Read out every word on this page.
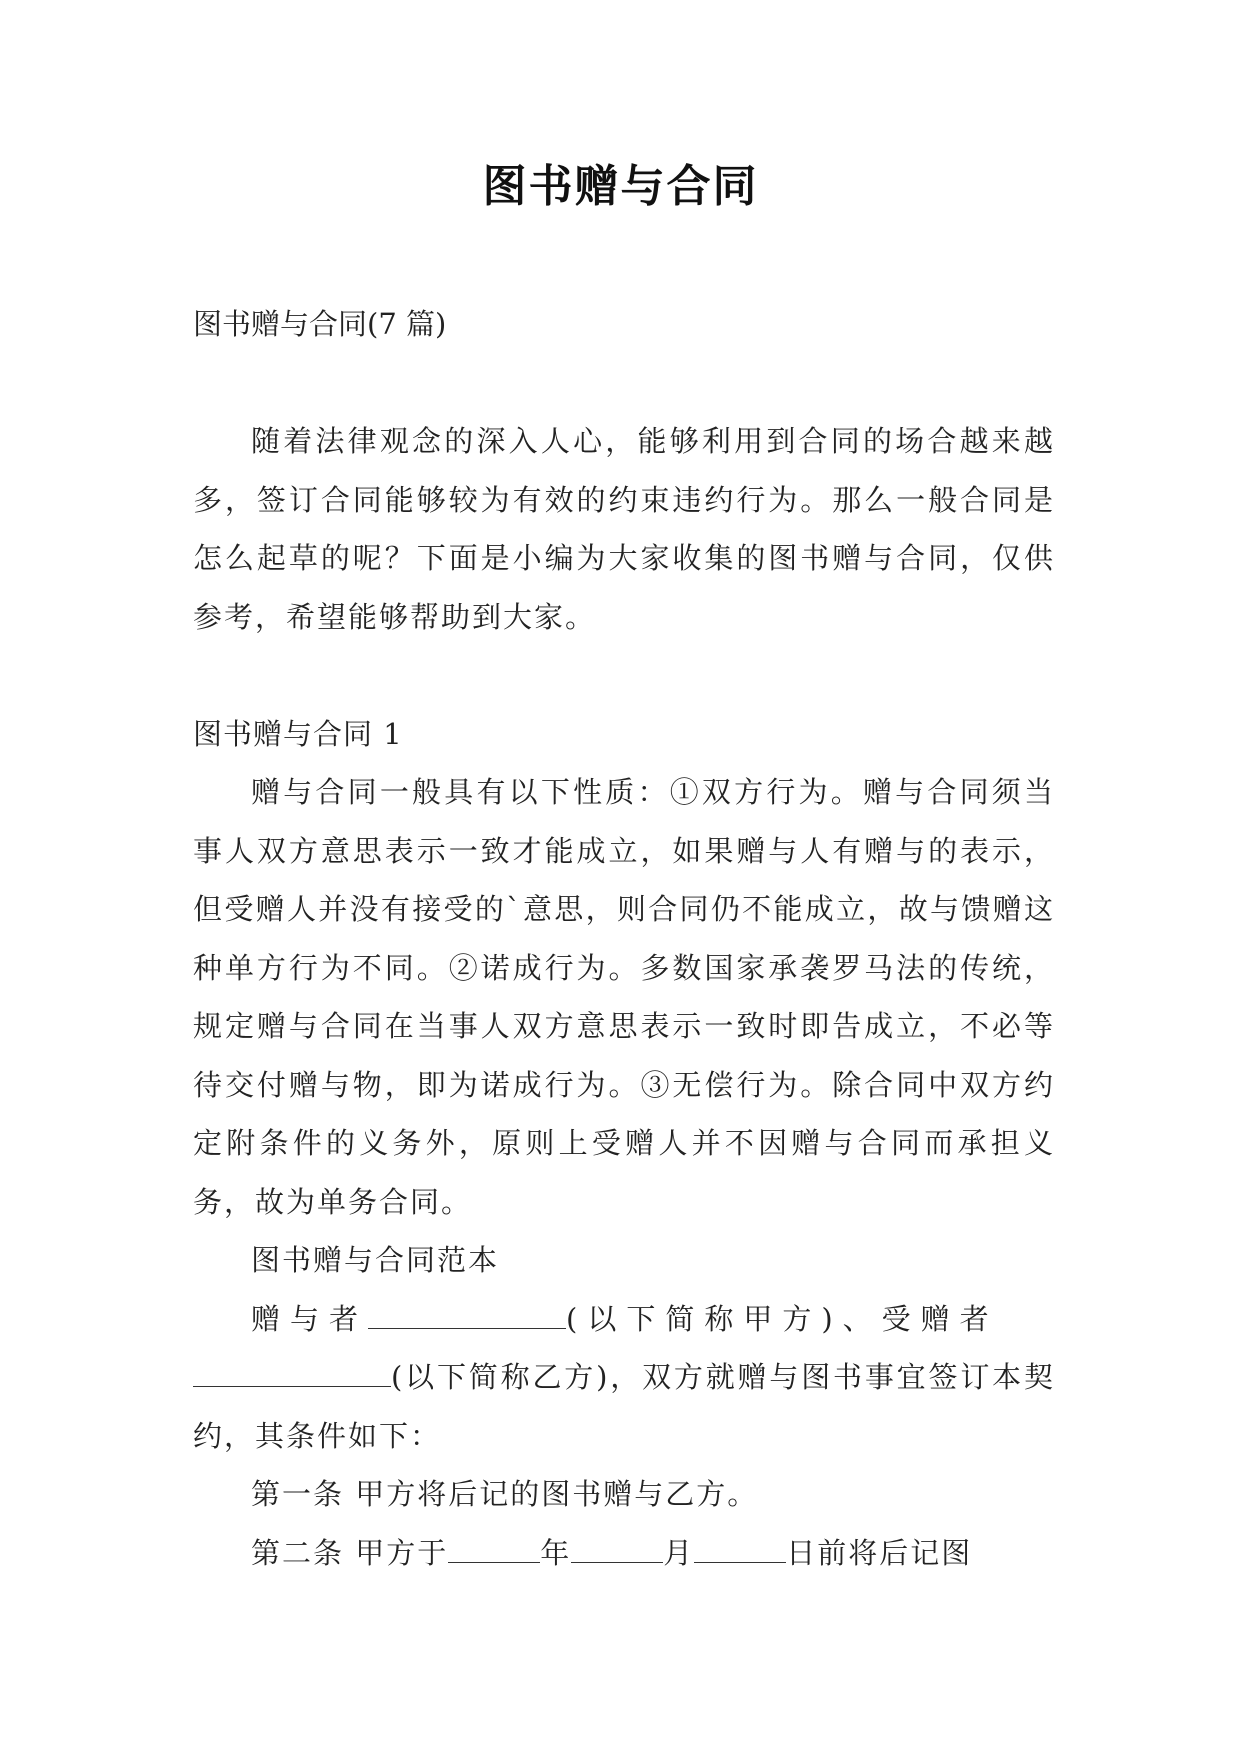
图书赠与合同

图书赠与合同(7 篇)

随着法律观念的深入人心，能够利用到合同的场合越来越多，签订合同能够较为有效的约束违约行为。那么一般合同是怎么起草的呢？下面是小编为大家收集的图书赠与合同，仅供参考，希望能够帮助到大家。

图书赠与合同 1

赠与合同一般具有以下性质：①双方行为。赠与合同须当事人双方意思表示一致才能成立，如果赠与人有赠与的表示，但受赠人并没有接受的`意思，则合同仍不能成立，故与馈赠这种单方行为不同。②诺成行为。多数国家承袭罗马法的传统，规定赠与合同在当事人双方意思表示一致时即告成立，不必等待交付赠与物，即为诺成行为。③无偿行为。除合同中双方约定附条件的义务外，原则上受赠人并不因赠与合同而承担义务，故为单务合同。

图书赠与合同范本

赠与者	(以下简称甲方)、受赠者
(以下简称乙方)，双方就赠与图书事宜签订本契约，其条件如下：

第一条 甲方将后记的图书赠与乙方。

第二条 甲方于	年	月	日前将后记图
